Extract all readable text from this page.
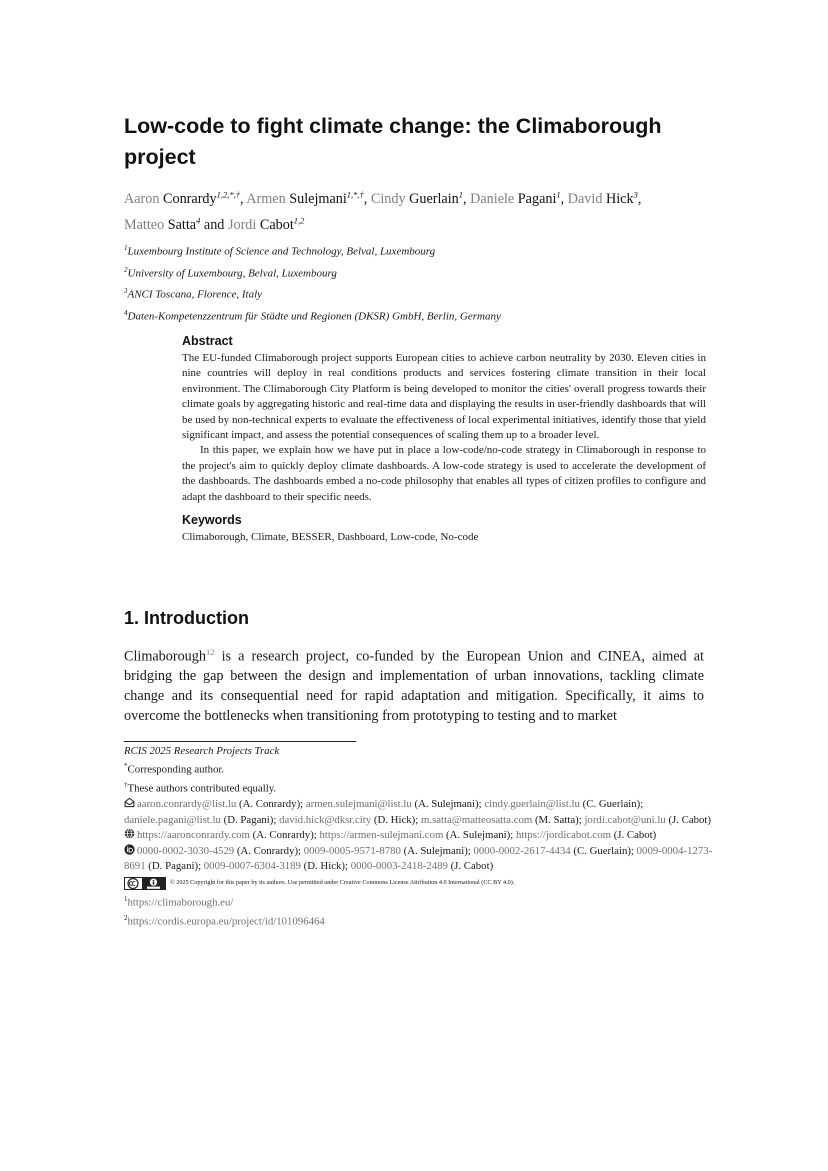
Low-code to fight climate change: the Climaborough project
Aaron Conrardy$^{1,2,*,\dagger}$, Armen Sulejmani$^{1,*,\dagger}$, Cindy Guerlain$^1$, Daniele Pagani$^1$, David Hick$^3$, Matteo Satta$^4$ and Jordi Cabot$^{1,2}$
$^1$Luxembourg Institute of Science and Technology, Belval, Luxembourg
$^2$University of Luxembourg, Belval, Luxembourg
$^3$ANCI Toscana, Florence, Italy
$^4$Daten-Kompetenzzentrum für Städte und Regionen (DKSR) GmbH, Berlin, Germany
Abstract

The EU-funded Climaborough project supports European cities to achieve carbon neutrality by 2030. Eleven cities in nine countries will deploy in real conditions products and services fostering climate transition in their local environment. The Climaborough City Platform is being developed to monitor the cities' overall progress towards their climate goals by aggregating historic and real-time data and displaying the results in user-friendly dashboards that will be used by non-technical experts to evaluate the effectiveness of local experimental initiatives, identify those that yield significant impact, and assess the potential consequences of scaling them up to a broader level.

In this paper, we explain how we have put in place a low-code/no-code strategy in Climaborough in response to the project's aim to quickly deploy climate dashboards. A low-code strategy is used to accelerate the development of the dashboards. The dashboards embed a no-code philosophy that enables all types of citizen profiles to configure and adapt the dashboard to their specific needs.

Keywords

Climaborough, Climate, BESSER, Dashboard, Low-code, No-code

1. Introduction

Climaborough$^{12}$ is a research project, co-funded by the European Union and CINEA, aimed at bridging the gap between the design and implementation of urban innovations, tackling climate change and its consequential need for rapid adaptation and mitigation. Specifically, it aims to overcome the bottlenecks when transitioning from prototyping to testing and to market

RCIS 2025 Research Projects Track

*Corresponding author.

†These authors contributed equally.

aaron.conrardy@list.lu (A. Conrardy); armen.sulejmani@list.lu (A. Sulejmani); cindy.guerlain@list.lu (C. Guerlain); daniele.pagani@list.lu (D. Pagani); david.hick@dksr.city (D. Hick); m.satta@matteosatta.com (M. Satta); jordi.cabot@uni.lu (J. Cabot)

https://aaronconrardy.com (A. Conrardy); https://armen-sulejmani.com (A. Sulejmani); https://jordicabot.com (J. Cabot)

0000-0002-3030-4529 (A. Conrardy); 0009-0005-9571-8780 (A. Sulejmani); 0000-0002-2617-4434 (C. Guerlain); 0009-0004-1273-8691 (D. Pagani); 0009-0007-6304-3189 (D. Hick); 0000-0003-2418-2489 (J. Cabot)

© 2025 Copyright for this paper by its authors. Use permitted under Creative Commons License Attribution 4.0 International (CC BY 4.0).

$^1$https://climaborough.eu/

$^2$https://cordis.europa.eu/project/id/101096464
